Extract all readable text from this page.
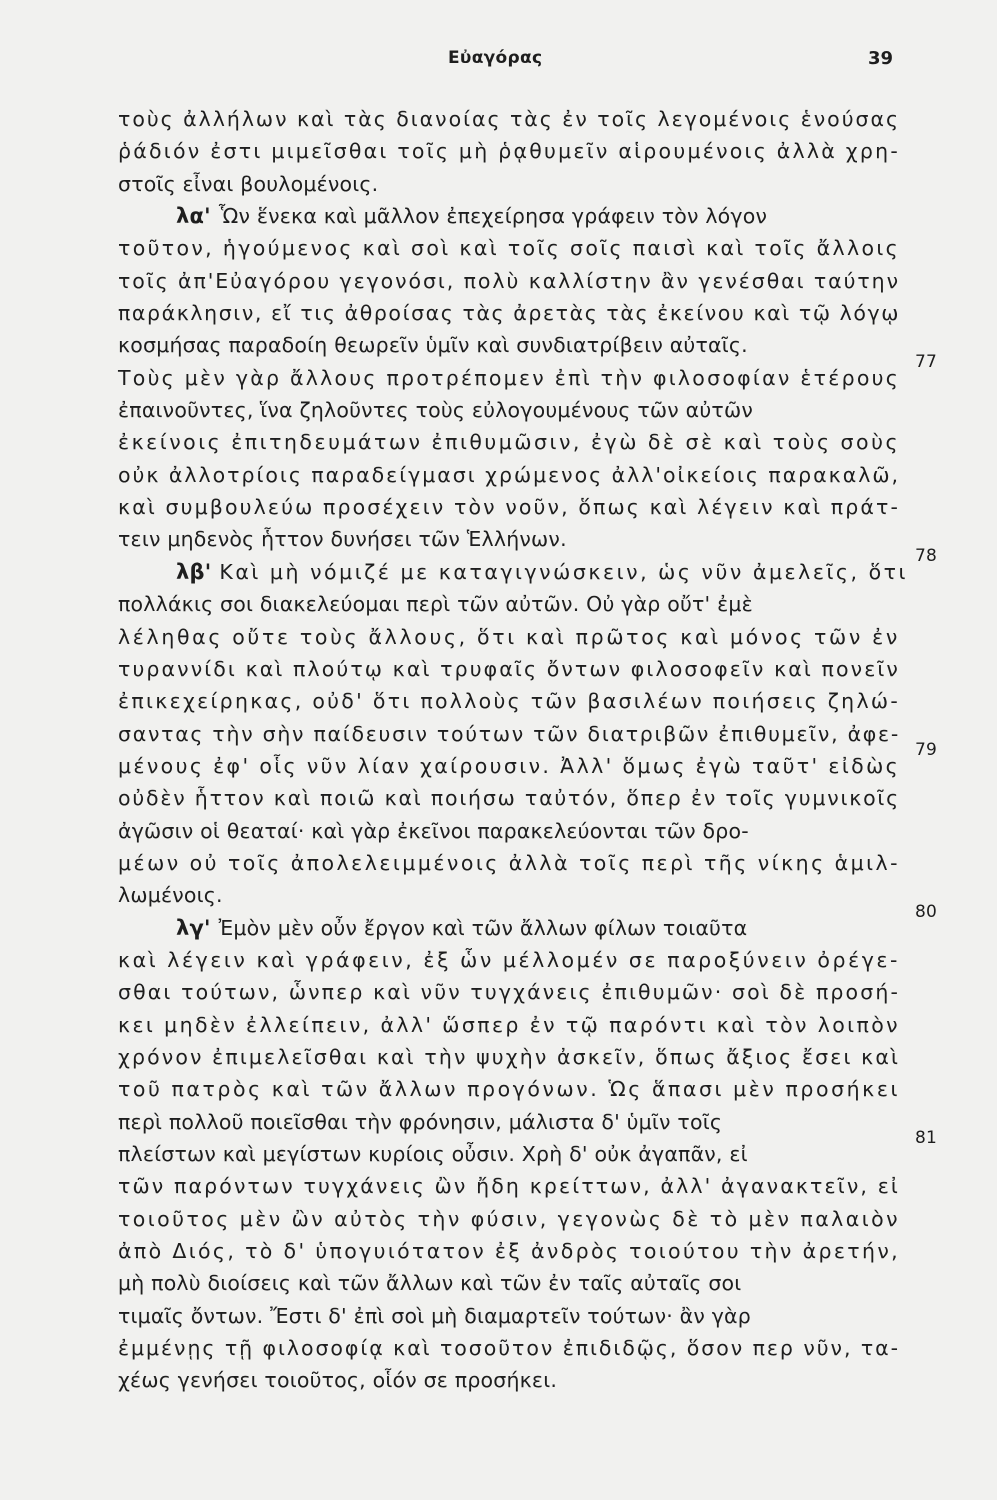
Εὐαγόρας	39
τοὺς ἀλλήλων καὶ τὰς διανοίας τὰς ἐν τοῖς λεγομένοις ἑνούσας
ῥάδιόν ἐστι μιμεῖσθαι τοῖς μὴ ῥᾳθυμεῖν αἱρουμένοις ἀλλὰ χρη-
στοῖς εἶναι βουλομένοις.
λα' Ὧν ἕνεκα καὶ μᾶλλον ἐπεχείρησα γράφειν τὸν λόγον
τοῦτον, ἡγούμενος καὶ σοὶ καὶ τοῖς σοῖς παισὶ καὶ τοῖς ἄλλοις
τοῖς ἀπ'Εὐαγόρου γεγονόσι, πολὺ καλλίστην ἂν γενέσθαι ταύτην
παράκλησιν, εἴ τις ἀθροίσας τὰς ἀρετὰς τὰς ἐκείνου καὶ τῷ λόγῳ
κοσμήσας παραδοίη θεωρεῖν ὑμῖν καὶ συνδιατρίβειν αὐταῖς.
Τοὺς μὲν γὰρ ἄλλους προτρέπομεν ἐπὶ τὴν φιλοσοφίαν ἑτέρους
77
ἐπαινοῦντες, ἵνα ζηλοῦντες τοὺς εὐλογουμένους τῶν αὐτῶν
ἐκείνοις ἐπιτηδευμάτων ἐπιθυμῶσιν, ἐγὼ δὲ σὲ καὶ τοὺς σοὺς
οὐκ ἀλλοτρίοις παραδείγμασι χρώμενος ἀλλ'οἰκείοις παρακαλῶ,
καὶ συμβουλεύω προσέχειν τὸν νοῦν, ὅπως καὶ λέγειν καὶ πράτ-
τειν μηδενὸς ἧττον δυνήσει τῶν Ἑλλήνων.
λβ' Καὶ μὴ νόμιζέ με καταγιγνώσκειν, ὡς νῦν ἀμελεῖς, ὅτι
78
πολλάκις σοι διακελεύομαι περὶ τῶν αὐτῶν. Οὐ γὰρ οὔτ' ἐμὲ
λέληθας οὔτε τοὺς ἄλλους, ὅτι καὶ πρῶτος καὶ μόνος τῶν ἐν
τυραννίδι καὶ πλούτῳ καὶ τρυφαῖς ὄντων φιλοσοφεῖν καὶ πονεῖν
ἐπικεχείρηκας, οὐδ' ὅτι πολλοὺς τῶν βασιλέων ποιήσεις ζηλώ-
σαντας τὴν σὴν παίδευσιν τούτων τῶν διατριβῶν ἐπιθυμεῖν, ἀφε-
μένους ἐφ' οἷς νῦν λίαν χαίρουσιν. Ἀλλ' ὅμως ἐγὼ ταῦτ' εἰδὼς
79
οὐδὲν ἧττον καὶ ποιῶ καὶ ποιήσω ταὐτόν, ὅπερ ἐν τοῖς γυμνικοῖς
ἀγῶσιν οἱ θεαταί· καὶ γὰρ ἐκεῖνοι παρακελεύονται τῶν δρο-
μέων οὐ τοῖς ἀπολελειμμένοις ἀλλὰ τοῖς περὶ τῆς νίκης ἁμιλ-
λωμένοις.
λγ' Ἐμὸν μὲν οὖν ἔργον καὶ τῶν ἄλλων φίλων τοιαῦτα
80
καὶ λέγειν καὶ γράφειν, ἐξ ὧν μέλλομέν σε παροξύνειν ὀρέγε-
σθαι τούτων, ὧνπερ καὶ νῦν τυγχάνεις ἐπιθυμῶν· σοὶ δὲ προσή-
κει μηδὲν ἐλλείπειν, ἀλλ' ὥσπερ ἐν τῷ παρόντι καὶ τὸν λοιπὸν
χρόνον ἐπιμελεῖσθαι καὶ τὴν ψυχὴν ἀσκεῖν, ὅπως ἄξιος ἔσει καὶ
τοῦ πατρὸς καὶ τῶν ἄλλων προγόνων. Ὡς ἅπασι μὲν προσήκει
περὶ πολλοῦ ποιεῖσθαι τὴν φρόνησιν, μάλιστα δ' ὑμῖν τοῖς
πλείστων καὶ μεγίστων κυρίοις οὖσιν. Χρὴ δ' οὐκ ἀγαπᾶν, εἰ
81
τῶν παρόντων τυγχάνεις ὢν ἤδη κρείττων, ἀλλ' ἀγανακτεῖν, εἰ
τοιοῦτος μὲν ὢν αὐτὸς τὴν φύσιν, γεγονὼς δὲ τὸ μὲν παλαιὸν
ἀπὸ Διός, τὸ δ' ὑπογυιότατον ἐξ ἀνδρὸς τοιούτου τὴν ἀρετήν,
μὴ πολὺ διοίσεις καὶ τῶν ἄλλων καὶ τῶν ἐν ταῖς αὐταῖς σοι
τιμαῖς ὄντων. Ἔστι δ' ἐπὶ σοὶ μὴ διαμαρτεῖν τούτων· ἂν γὰρ
ἐμμένῃς τῇ φιλοσοφίᾳ καὶ τοσοῦτον ἐπιδιδῷς, ὅσον περ νῦν, τα-
χέως γενήσει τοιοῦτος, οἷόν σε προσήκει.
